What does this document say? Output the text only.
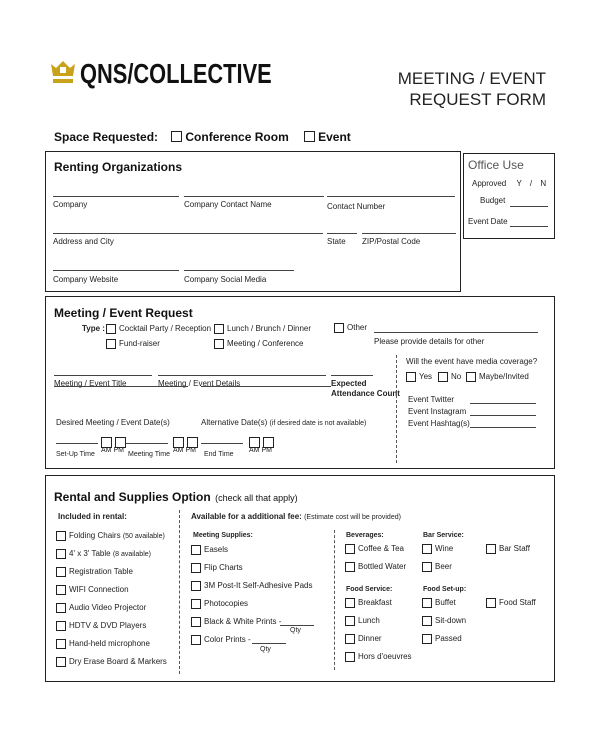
QNS/COLLECTIVE	MEETING / EVENT
REQUEST FORM
Space Requested: Conference Room Event
Renting Organizations
Company	Company Contact Name	Contact Number
Address and City	State ZIP/Postal Code
Company Website	Company Social Media
Office Use
Approved Y / N
Budget
Event Date
Meeting / Event Request
Type :	Cocktail Party / Reception	Lunch / Brunch / Dinner	Other
Fund-raiser	Meeting / Conference	Please provide details for other
Meeting / Event Title	Meeting / Event Details	Expected
Attendance Count
Will the event have media coverage?
Yes	No	Maybe/Invited
Event Twitter
Event Instagram
Event Hashtag(s)
Desired Meeting / Event Date(s)	Alternative Date(s) (if desired date is not available)
AM PM
Set-Up Time
AM PM
Meeting Time
AM PM
End Time
Rental and Supplies Option (check all that apply)
Included in rental:
Folding Chairs (50 available)
4' x 3' Table (8 available)
Registration Table
WIFI Connection
Audio Video Projector
HDTV & DVD Players
Hand-held microphone
Dry Erase Board & Markers
Available for a additional fee: (Estimate cost will be provided)
Meeting Supplies:
Easels
Flip Charts
3M Post-It Self-Adhesive Pads
Photocopies
Black & White Prints -
Qty
Color Prints -
Qty
Beverages:
Coffee & Tea
Bottled Water
Bar Service:
Wine
Beer
Bar Staff
Food Service:
Breakfast
Lunch
Dinner
Hors d'oeuvres
Food Set-up:
Buffet
Sit-down
Passed
Food Staff
